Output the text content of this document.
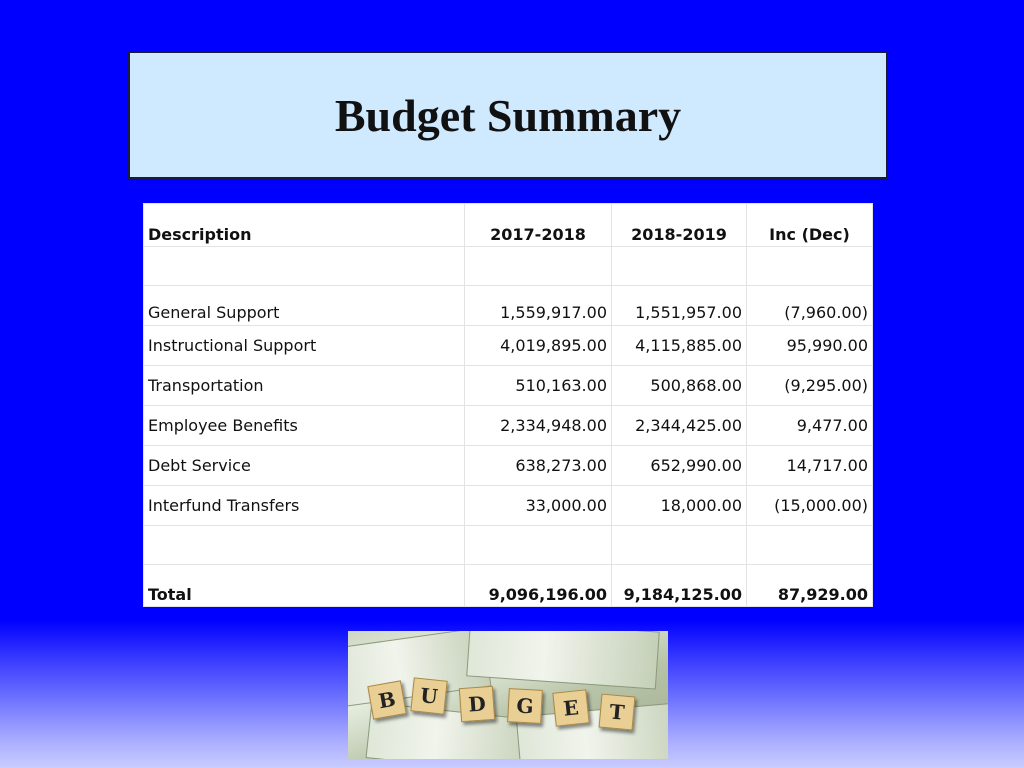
Budget Summary
Description	2017-2018	2018-2019	Inc (Dec)

General Support	1,559,917.00	1,551,957.00	(7,960.00)
Instructional Support	4,019,895.00	4,115,885.00	95,990.00
Transportation	510,163.00	500,868.00	(9,295.00)
Employee Benefits	2,334,948.00	2,344,425.00	9,477.00
Debt Service	638,273.00	652,990.00	14,717.00
Interfund Transfers	33,000.00	18,000.00	(15,000.00)

Total	9,096,196.00	9,184,125.00	87,929.00
B	U	D	G	E	T
